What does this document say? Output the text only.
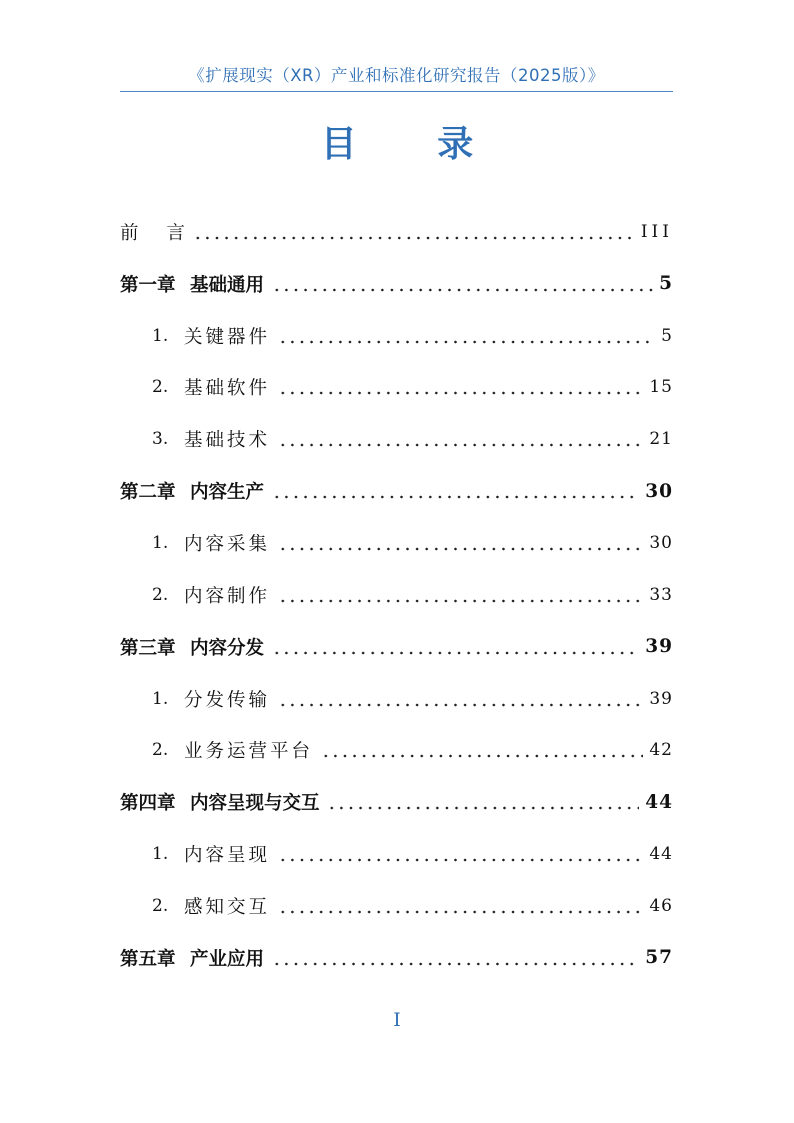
《扩展现实（XR）产业和标准化研究报告（2025版）》
目 录
前 言	III
第一章 基础通用	5
1. 关键器件	5
2. 基础软件	15
3. 基础技术	21
第二章 内容生产	30
1. 内容采集	30
2. 内容制作	33
第三章 内容分发	39
1. 分发传输	39
2. 业务运营平台	42
第四章 内容呈现与交互	44
1. 内容呈现	44
2. 感知交互	46
第五章 产业应用	57
I
